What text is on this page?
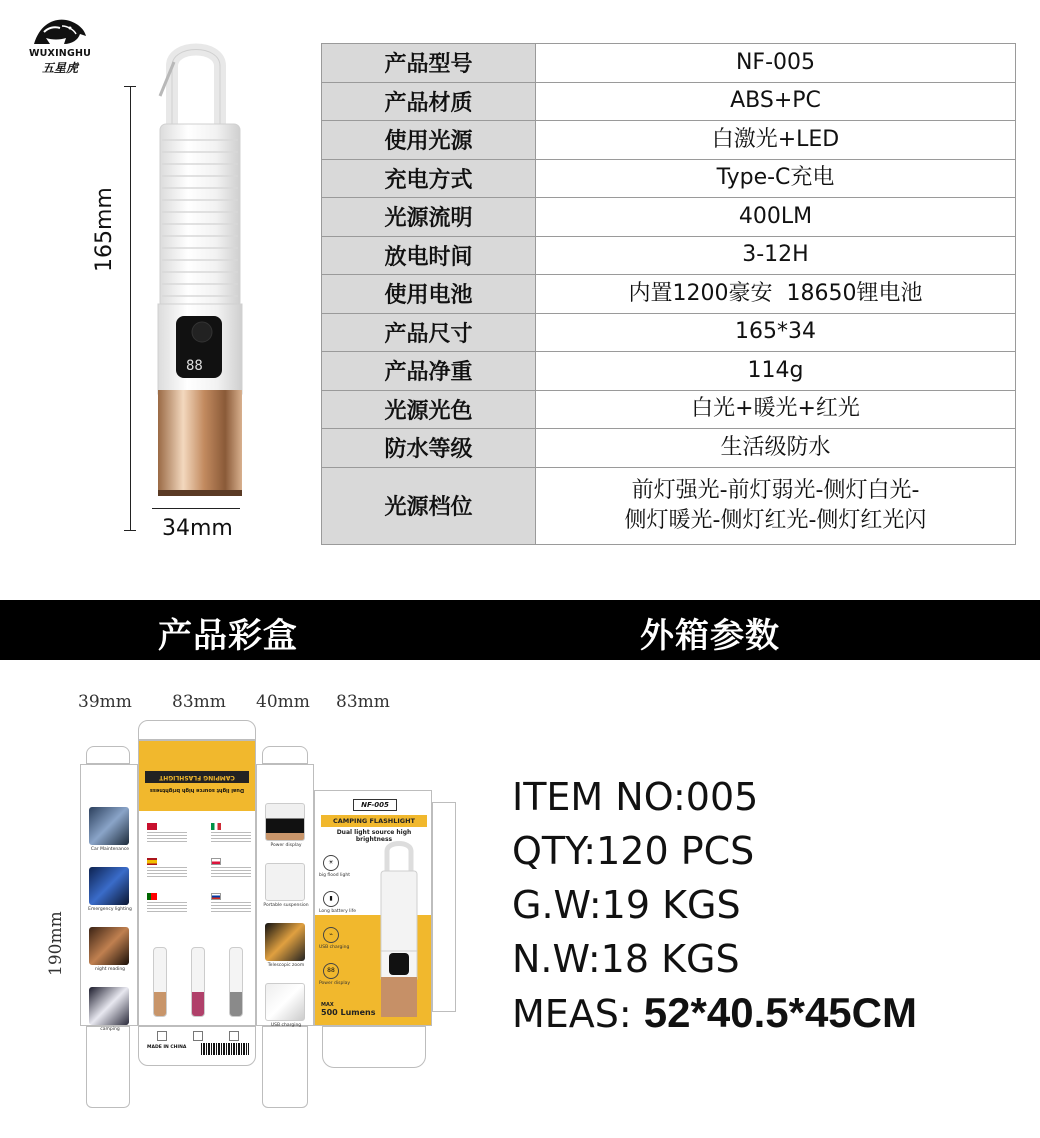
WUXINGHU
五星虎
165mm
88
34mm
产品型号	NF-005
产品材质	ABS+PC
使用光源	白激光+LED
充电方式	Type-C充电
光源流明	400LM
放电时间	3-12H
使用电池	内置1200豪安  18650锂电池
产品尺寸	165*34
产品净重	114g
光源光色	白光+暖光+红光
防水等级	生活级防水
光源档位	前灯强光-前灯弱光-侧灯白光-
侧灯暖光-侧灯红光-侧灯红光闪
产品彩盒	外箱参数
39mm 83mm 40mm 83mm
190mm
Car Maintenance
Emergency lighting
night reading
camping
CAMPING FLASHLIGHT
Dual light source high brightness
MADE IN CHINA
Power display
Portable suspension
Telescopic zoom
USB charging
NF-005
CAMPING FLASHLIGHT
Dual light source high brightness
☀
big flood light
▮
Long battery life
⌁
USB charging
88
Power display
MAX
500 Lumens
ITEM NO:005
QTY:120 PCS
G.W:19 KGS
N.W:18 KGS
MEAS: 52*40.5*45CM
